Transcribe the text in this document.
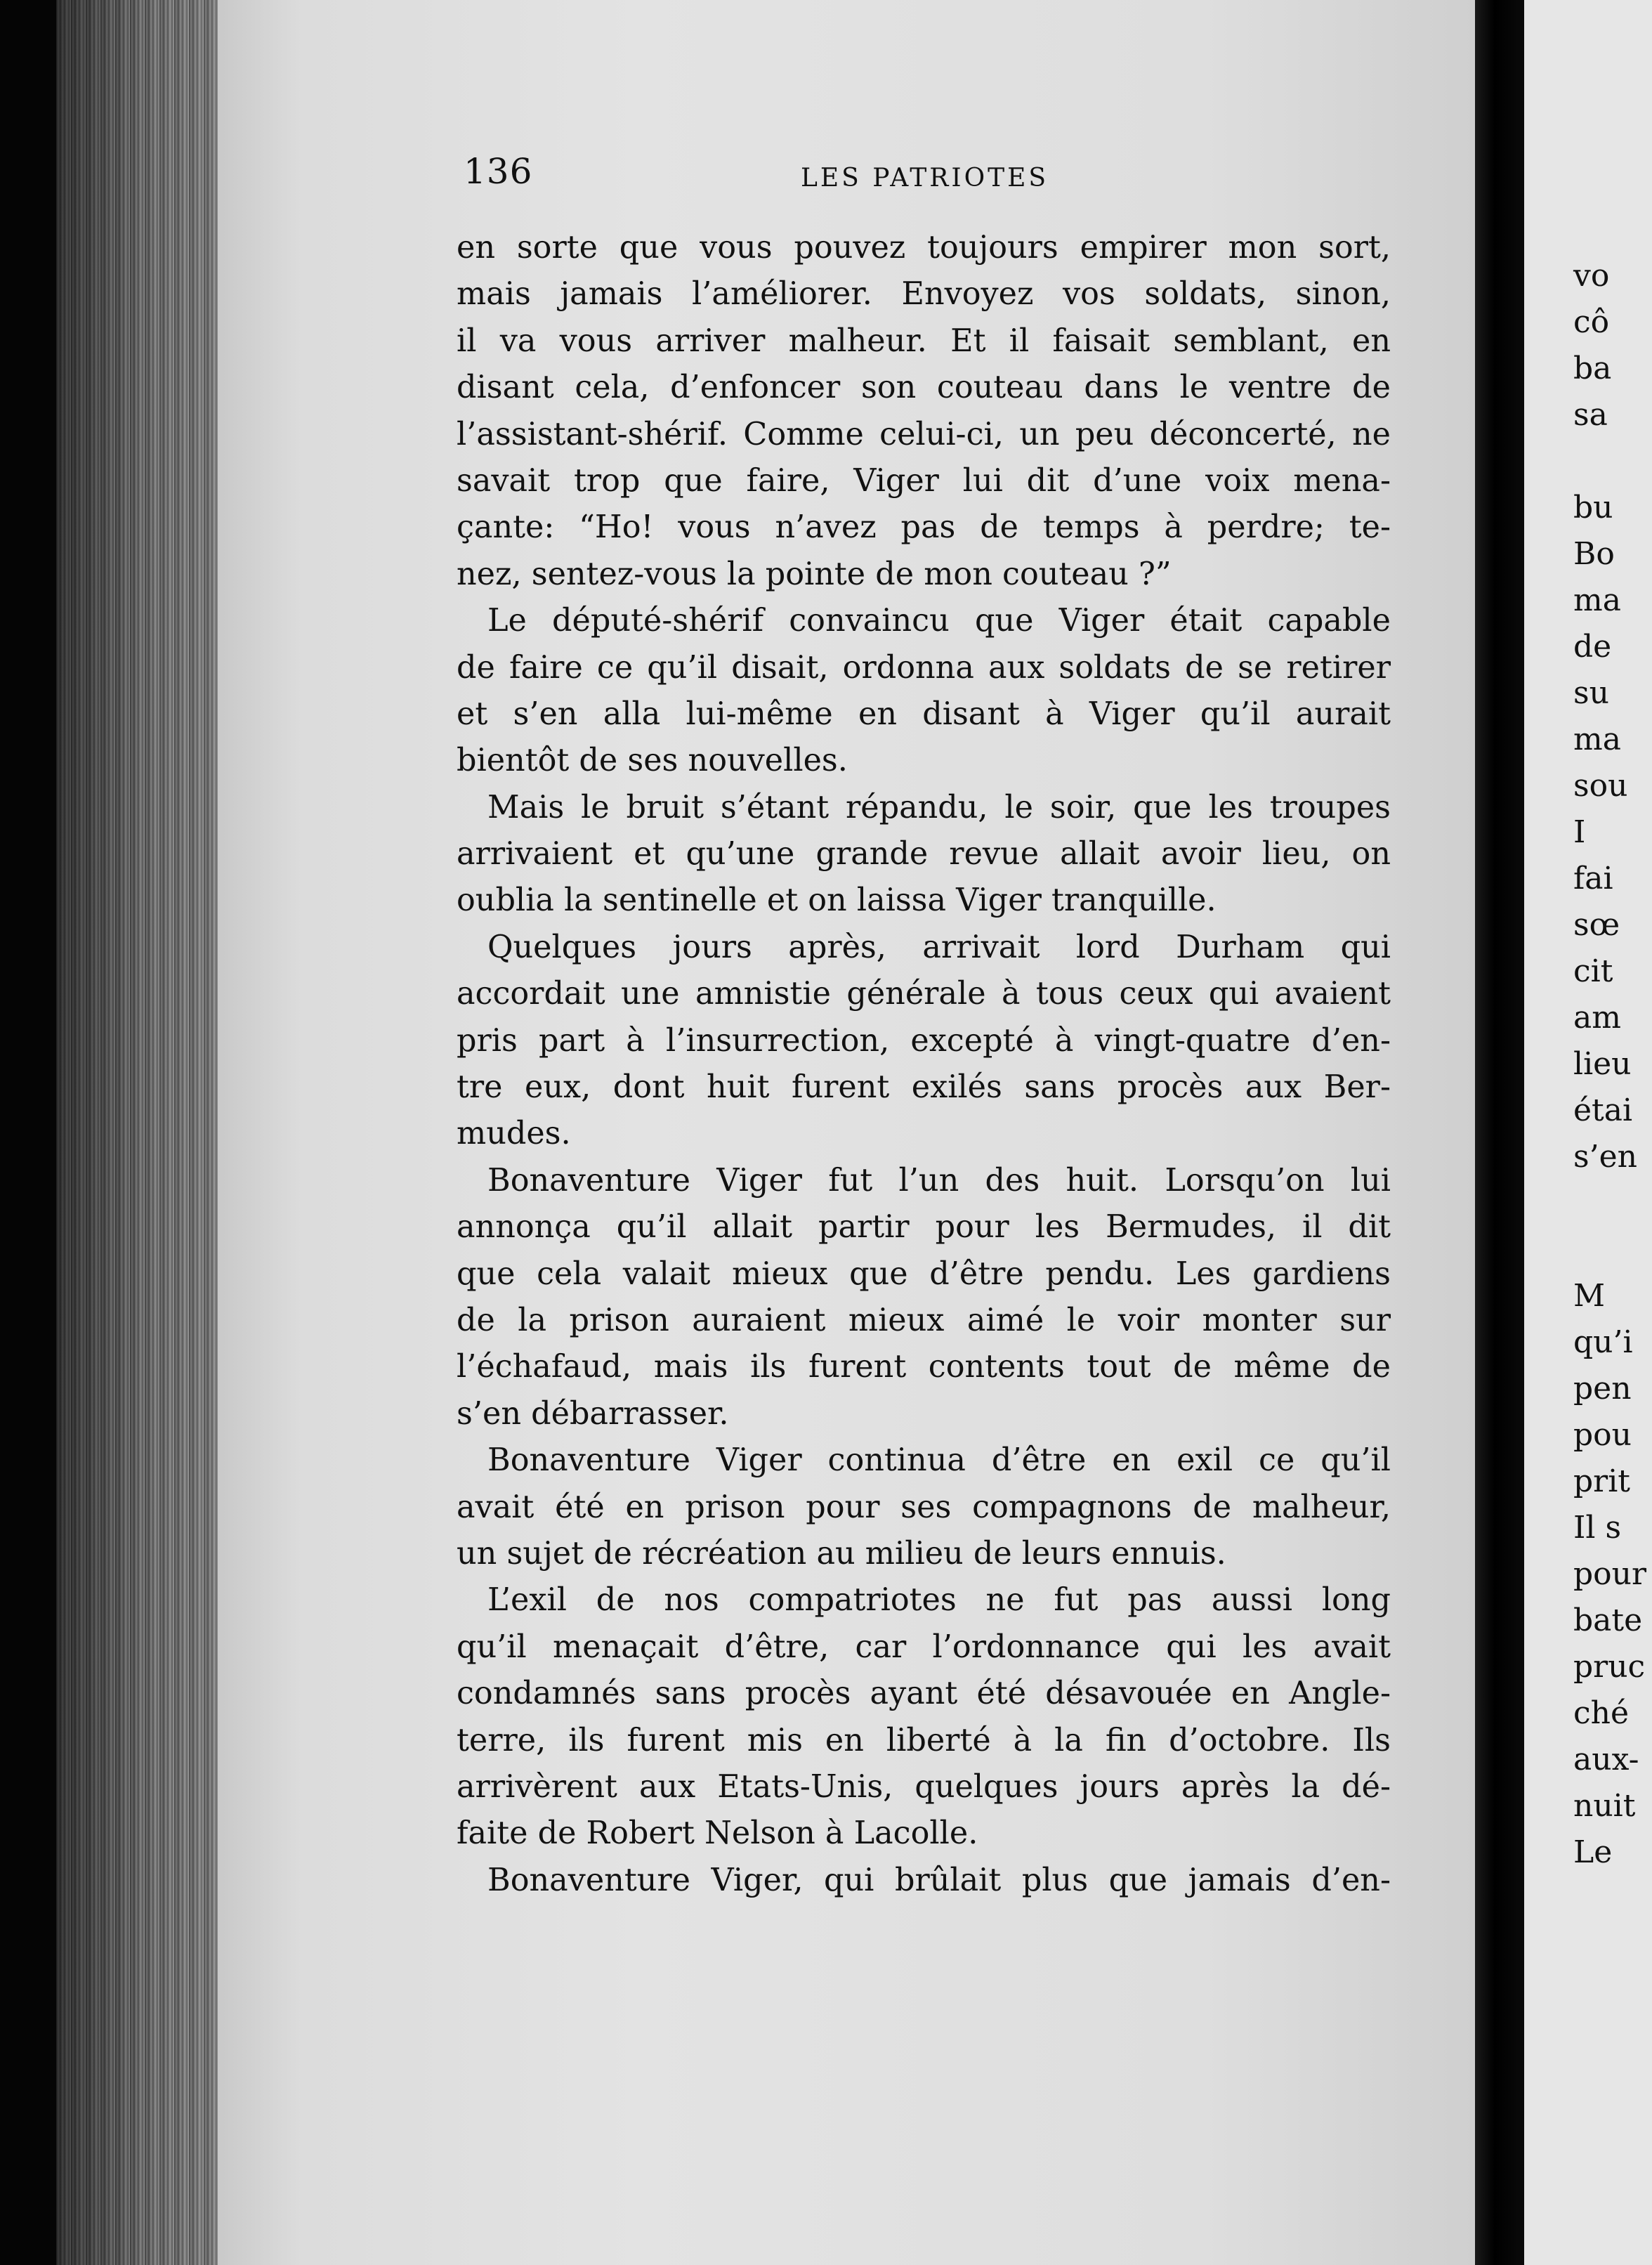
136	LES PATRIOTES
en sorte que vous pouvez toujours empirer mon sort,
mais jamais l’améliorer. Envoyez vos soldats, sinon,
il va vous arriver malheur. Et il faisait semblant, en
disant cela, d’enfoncer son couteau dans le ventre de
l’assistant-shérif. Comme celui-ci, un peu déconcerté, ne
savait trop que faire, Viger lui dit d’une voix mena-
çante: “Ho! vous n’avez pas de temps à perdre; te-
nez, sentez-vous la pointe de mon couteau ?”
Le député-shérif convaincu que Viger était capable
de faire ce qu’il disait, ordonna aux soldats de se retirer
et s’en alla lui-même en disant à Viger qu’il aurait
bientôt de ses nouvelles.
Mais le bruit s’étant répandu, le soir, que les troupes
arrivaient et qu’une grande revue allait avoir lieu, on
oublia la sentinelle et on laissa Viger tranquille.
Quelques jours après, arrivait lord Durham qui
accordait une amnistie générale à tous ceux qui avaient
pris part à l’insurrection, excepté à vingt-quatre d’en-
tre eux, dont huit furent exilés sans procès aux Ber-
mudes.
Bonaventure Viger fut l’un des huit. Lorsqu’on lui
annonça qu’il allait partir pour les Bermudes, il dit
que cela valait mieux que d’être pendu. Les gardiens
de la prison auraient mieux aimé le voir monter sur
l’échafaud, mais ils furent contents tout de même de
s’en débarrasser.
Bonaventure Viger continua d’être en exil ce qu’il
avait été en prison pour ses compagnons de malheur,
un sujet de récréation au milieu de leurs ennuis.
L’exil de nos compatriotes ne fut pas aussi long
qu’il menaçait d’être, car l’ordonnance qui les avait
condamnés sans procès ayant été désavouée en Angle-
terre, ils furent mis en liberté à la fin d’octobre. Ils
arrivèrent aux Etats-Unis, quelques jours après la dé-
faite de Robert Nelson à Lacolle.
Bonaventure Viger, qui brûlait plus que jamais d’en-
vo
cô
ba
sa
bu
Bo
ma
de
su
ma
sou
I
fai
sœ
cit
am
lieu
étai
s’en
M
qu’i
pen
pou
prit
Il s
pour
bate
pruc
ché
aux-
nuit
Le
